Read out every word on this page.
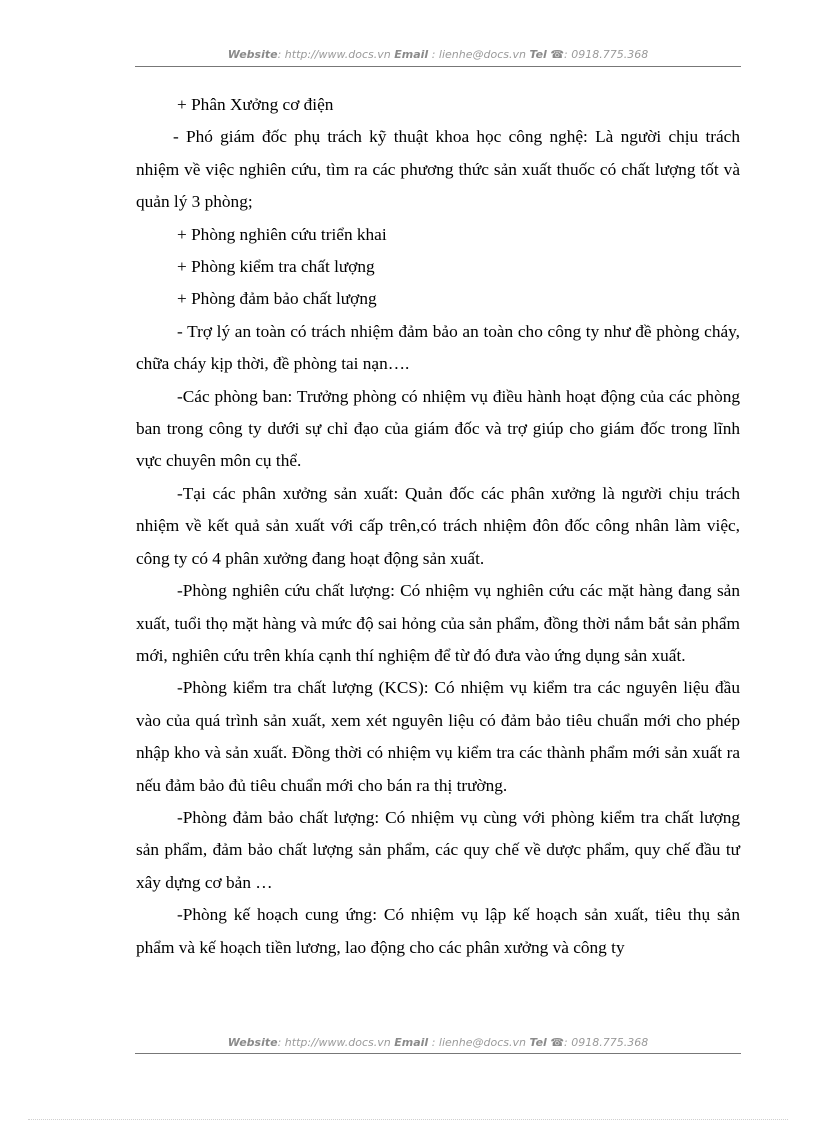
Website: http://www.docs.vn Email : lienhe@docs.vn Tel ☎: 0918.775.368

+ Phân Xưởng cơ điện

- Phó giám đốc phụ trách kỹ thuật khoa học công nghệ: Là người chịu trách nhiệm về việc nghiên cứu, tìm ra các phương thức sản xuất thuốc có chất lượng tốt và quản lý 3 phòng;

+ Phòng nghiên cứu triển khai

+ Phòng kiểm tra chất lượng

+ Phòng đảm bảo chất lượng

- Trợ lý an toàn có trách nhiệm đảm bảo an toàn cho công ty như đề phòng cháy, chữa cháy kịp thời, đề phòng tai nạn….

-Các phòng ban: Trưởng phòng có nhiệm vụ điều hành hoạt động của các phòng ban trong công ty dưới sự chỉ đạo của giám đốc và trợ giúp cho giám đốc trong lĩnh vực chuyên môn cụ thể.

-Tại các phân xưởng sản xuất: Quản đốc các phân xưởng là người chịu trách nhiệm về kết quả sản xuất với cấp trên,có trách nhiệm đôn đốc công nhân làm việc, công ty có 4 phân xưởng đang hoạt động sản xuất.

-Phòng nghiên cứu chất lượng: Có nhiệm vụ nghiên cứu các mặt hàng đang sản xuất, tuổi thọ mặt hàng và mức độ sai hỏng của sản phẩm, đồng thời nắm bắt sản phẩm mới, nghiên cứu trên khía cạnh thí nghiệm để từ đó đưa vào ứng dụng sản xuất.

-Phòng kiểm tra chất lượng (KCS): Có nhiệm vụ kiểm tra các nguyên liệu đầu vào của quá trình sản xuất, xem xét nguyên liệu có đảm bảo tiêu chuẩn mới cho phép nhập kho và sản xuất. Đồng thời có nhiệm vụ kiểm tra các thành phẩm mới sản xuất ra nếu đảm bảo đủ tiêu chuẩn mới cho bán ra thị trường.

-Phòng đảm bảo chất lượng: Có nhiệm vụ cùng với phòng kiểm tra chất lượng sản phẩm, đảm bảo chất lượng sản phẩm, các quy chế về dược phẩm, quy chế đầu tư xây dựng cơ bản …

-Phòng kế hoạch cung ứng: Có nhiệm vụ lập kế hoạch sản xuất, tiêu thụ sản phẩm và kế hoạch tiền lương, lao động cho các phân xưởng và công ty

Website: http://www.docs.vn Email : lienhe@docs.vn Tel ☎: 0918.775.368
